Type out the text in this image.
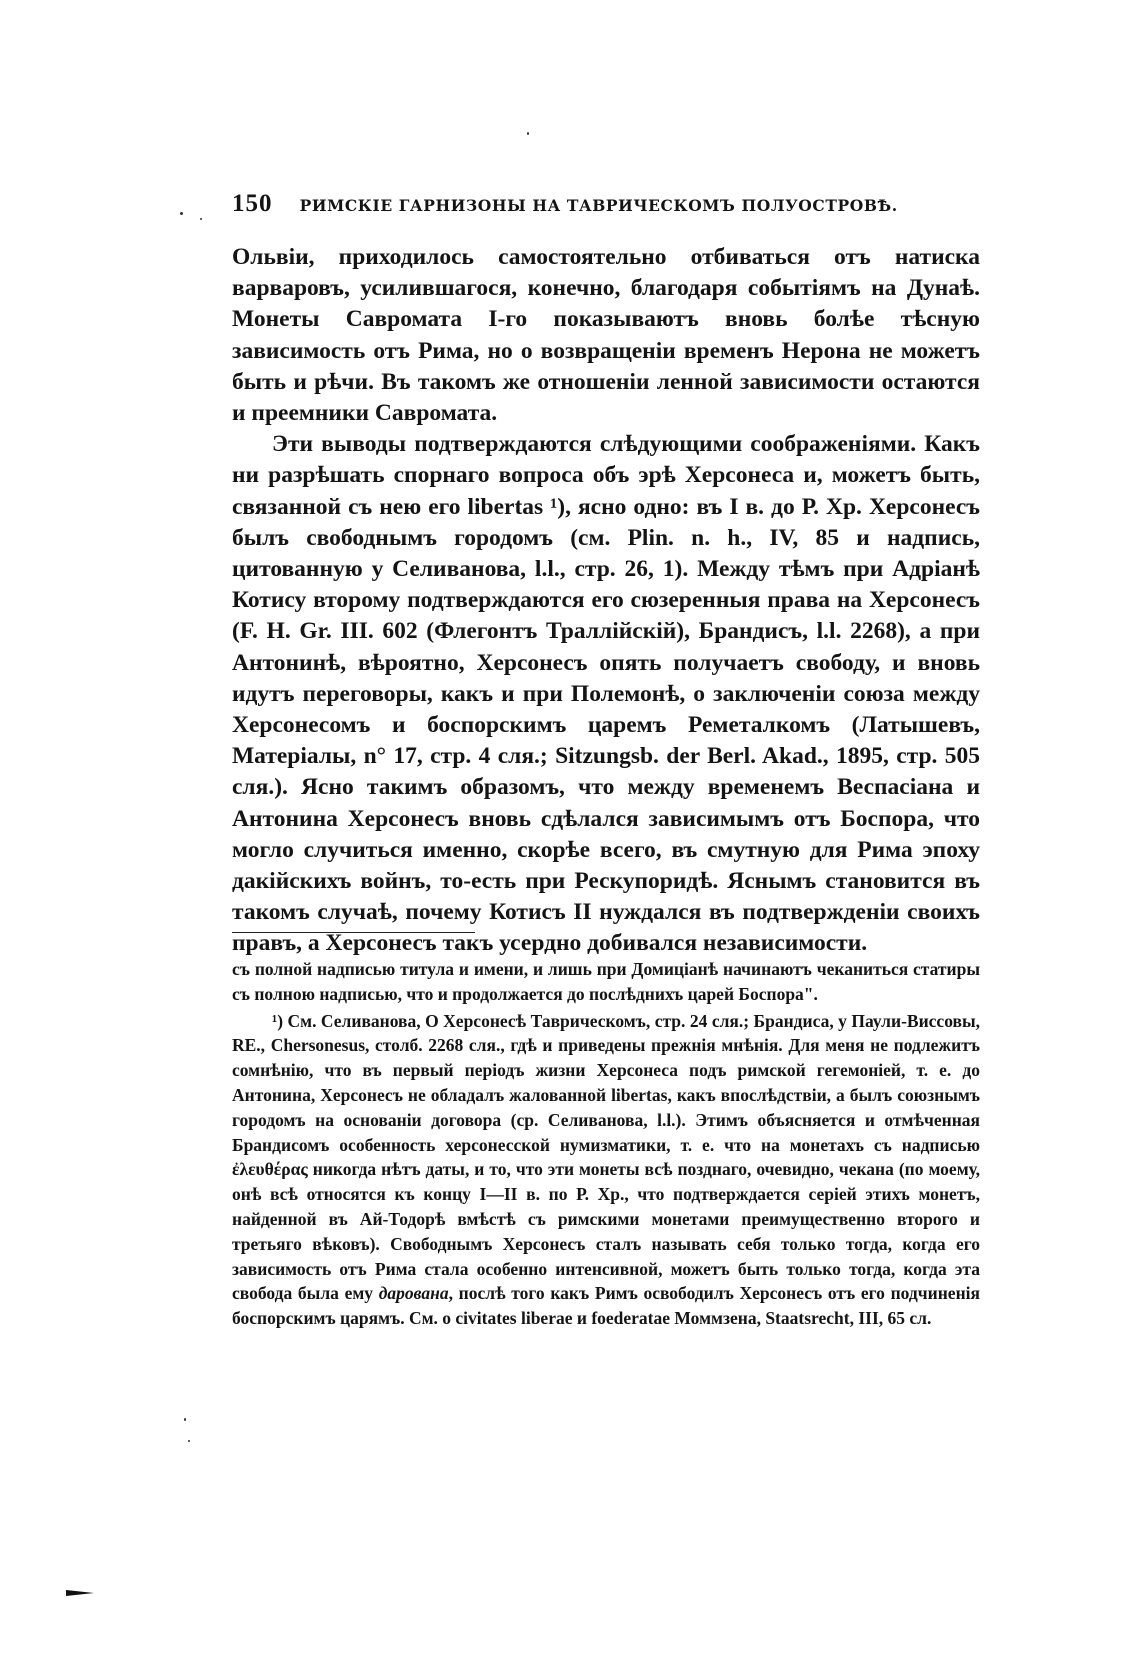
150 РИМСКІЕ ГАРНИЗОНЫ НА ТАВРИЧЕСКОМЪ ПОЛУОСТРОВѢ.

Ольвіи, приходилось самостоятельно отбиваться отъ натиска варваровъ, усилившагося, конечно, благодаря событіямъ на Дунаѣ. Монеты Савромата І-го показываютъ вновь болѣе тѣсную зависимость отъ Рима, но о возвращеніи временъ Нерона не можетъ быть и рѣчи. Въ такомъ же отношеніи ленной зависимости остаются и преемники Савромата.

Эти выводы подтверждаются слѣдующими соображеніями. Какъ ни разрѣшать спорнаго вопроса объ эрѣ Херсонеса и, можетъ быть, связанной съ нею его libertas ¹), ясно одно: въ І в. до Р. Хр. Херсонесъ былъ свободнымъ городомъ (см. Plin. n. h., IV, 85 и надпись, цитованную у Селиванова, l.l., стр. 26, 1). Между тѣмъ при Адріанѣ Котису второму подтверждаются его сюзеренныя права на Херсонесъ (F. H. Gr. III. 602 (Флегонтъ Траллійскій), Брандисъ, l.l. 2268), а при Антонинѣ, вѣроятно, Херсонесъ опять получаетъ свободу, и вновь идутъ переговоры, какъ и при Полемонѣ, о заключеніи союза между Херсонесомъ и боспорскимъ царемъ Реметалкомъ (Латышевъ, Матеріалы, n° 17, стр. 4 сля.; Sitzungsb. der Berl. Akad., 1895, стр. 505 сля.). Ясно такимъ образомъ, что между временемъ Веспасіана и Антонина Херсонесъ вновь сдѣлался зависимымъ отъ Боспора, что могло случиться именно, скорѣе всего, въ смутную для Рима эпоху дакійскихъ войнъ, то-есть при Рескупоридѣ. Яснымъ становится въ такомъ случаѣ, почему Котисъ II нуждался въ подтвержденіи своихъ правъ, а Херсонесъ такъ усердно добивался независимости.

съ полной надписью титула и имени, и лишь при Домиціанѣ начинаютъ чеканиться статиры съ полною надписью, что и продолжается до послѣднихъ царей Боспора".

¹) См. Селиванова, О Херсонесѣ Таврическомъ, стр. 24 сля.; Брандиса, у Паули-Виссовы, RE., Chersonesus, столб. 2268 сля., гдѣ и приведены прежнія мнѣнія. Для меня не подлежитъ сомнѣнію, что въ первый періодъ жизни Херсонеса подъ римской гегемоніей, т. е. до Антонина, Херсонесъ не обладалъ жалованной libertas, какъ впослѣдствіи, а былъ союзнымъ городомъ на основаніи договора (ср. Селиванова, l.l.). Этимъ объясняется и отмѣченная Брандисомъ особенность херсонесской нумизматики, т. е. что на монетахъ съ надписью ἐλευθέρας никогда нѣтъ даты, и то, что эти монеты всѣ позднаго, очевидно, чекана (по моему, онѣ всѣ относятся къ концу I—II в. по Р. Хр., что подтверждается серіей этихъ монетъ, найденной въ Ай-Тодорѣ вмѣстѣ съ римскими монетами преимущественно второго и третьяго вѣковъ). Свободнымъ Херсонесъ сталъ называть себя только тогда, когда его зависимость отъ Рима стала особенно интенсивной, можетъ быть только тогда, когда эта свобода была ему дарована, послѣ того какъ Римъ освободилъ Херсонесъ отъ его подчиненія боспорскимъ царямъ. См. о civitates liberae и foederatae Моммзена, Staatsrecht, III, 65 сл.
